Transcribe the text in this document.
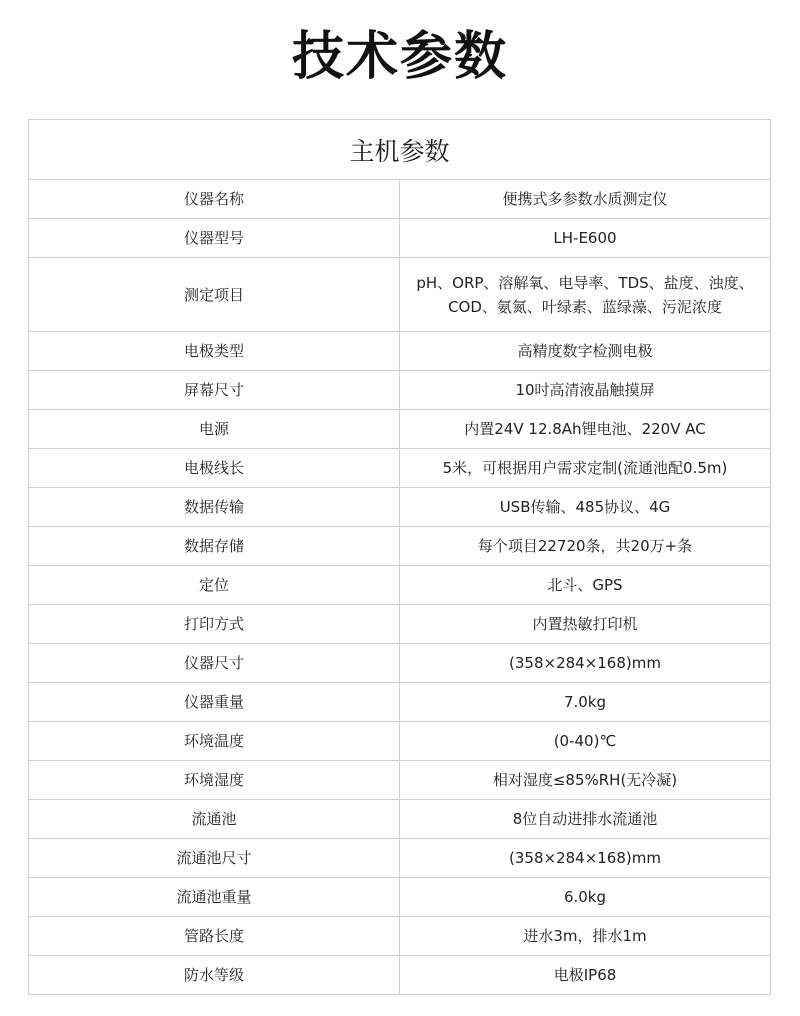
技术参数
主机参数	
仪器名称	便携式多参数水质测定仪

仪器型号	LH-E600

测定项目	pH、ORP、溶解氧、电导率、TDS、盐度、浊度、
COD、氨氮、叶绿素、蓝绿藻、污泥浓度

电极类型	高精度数字检测电极

屏幕尺寸	10吋高清液晶触摸屏

电源	内置24V 12.8Ah锂电池、220V AC

电极线长	5米，可根据用户需求定制(流通池配0.5m)

数据传输	USB传输、485协议、4G

数据存储	每个项目22720条，共20万+条

定位	北斗、GPS

打印方式	内置热敏打印机

仪器尺寸	(358×284×168)mm

仪器重量	7.0kg

环境温度	(0-40)℃

环境湿度	相对湿度≤85%RH(无冷凝)

流通池	8位自动进排水流通池

流通池尺寸	(358×284×168)mm

流通池重量	6.0kg

管路长度	进水3m，排水1m

防水等级	电极IP68
